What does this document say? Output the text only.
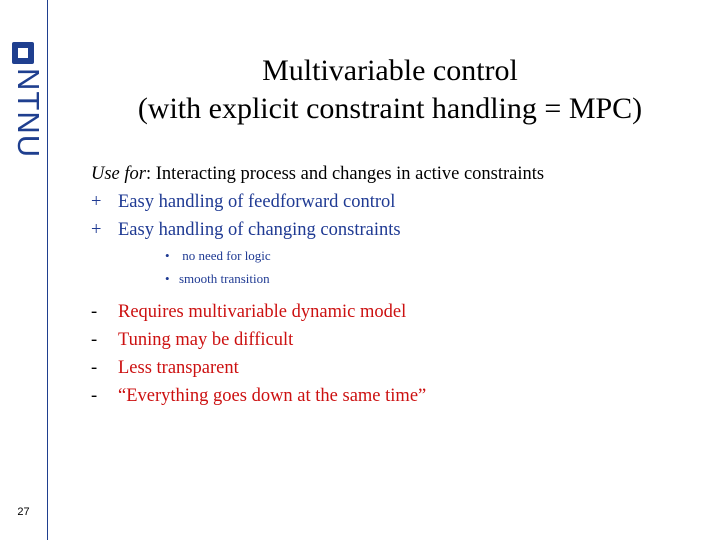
NTNU
27
Multivariable control
(with explicit constraint handling = MPC)
Use for: Interacting process and changes in active constraints
+ Easy handling of feedforward control
+ Easy handling of changing constraints
• no need for logic
• smooth transition
- Requires multivariable dynamic model
- Tuning may be difficult
- Less transparent
- “Everything goes down at the same time”
